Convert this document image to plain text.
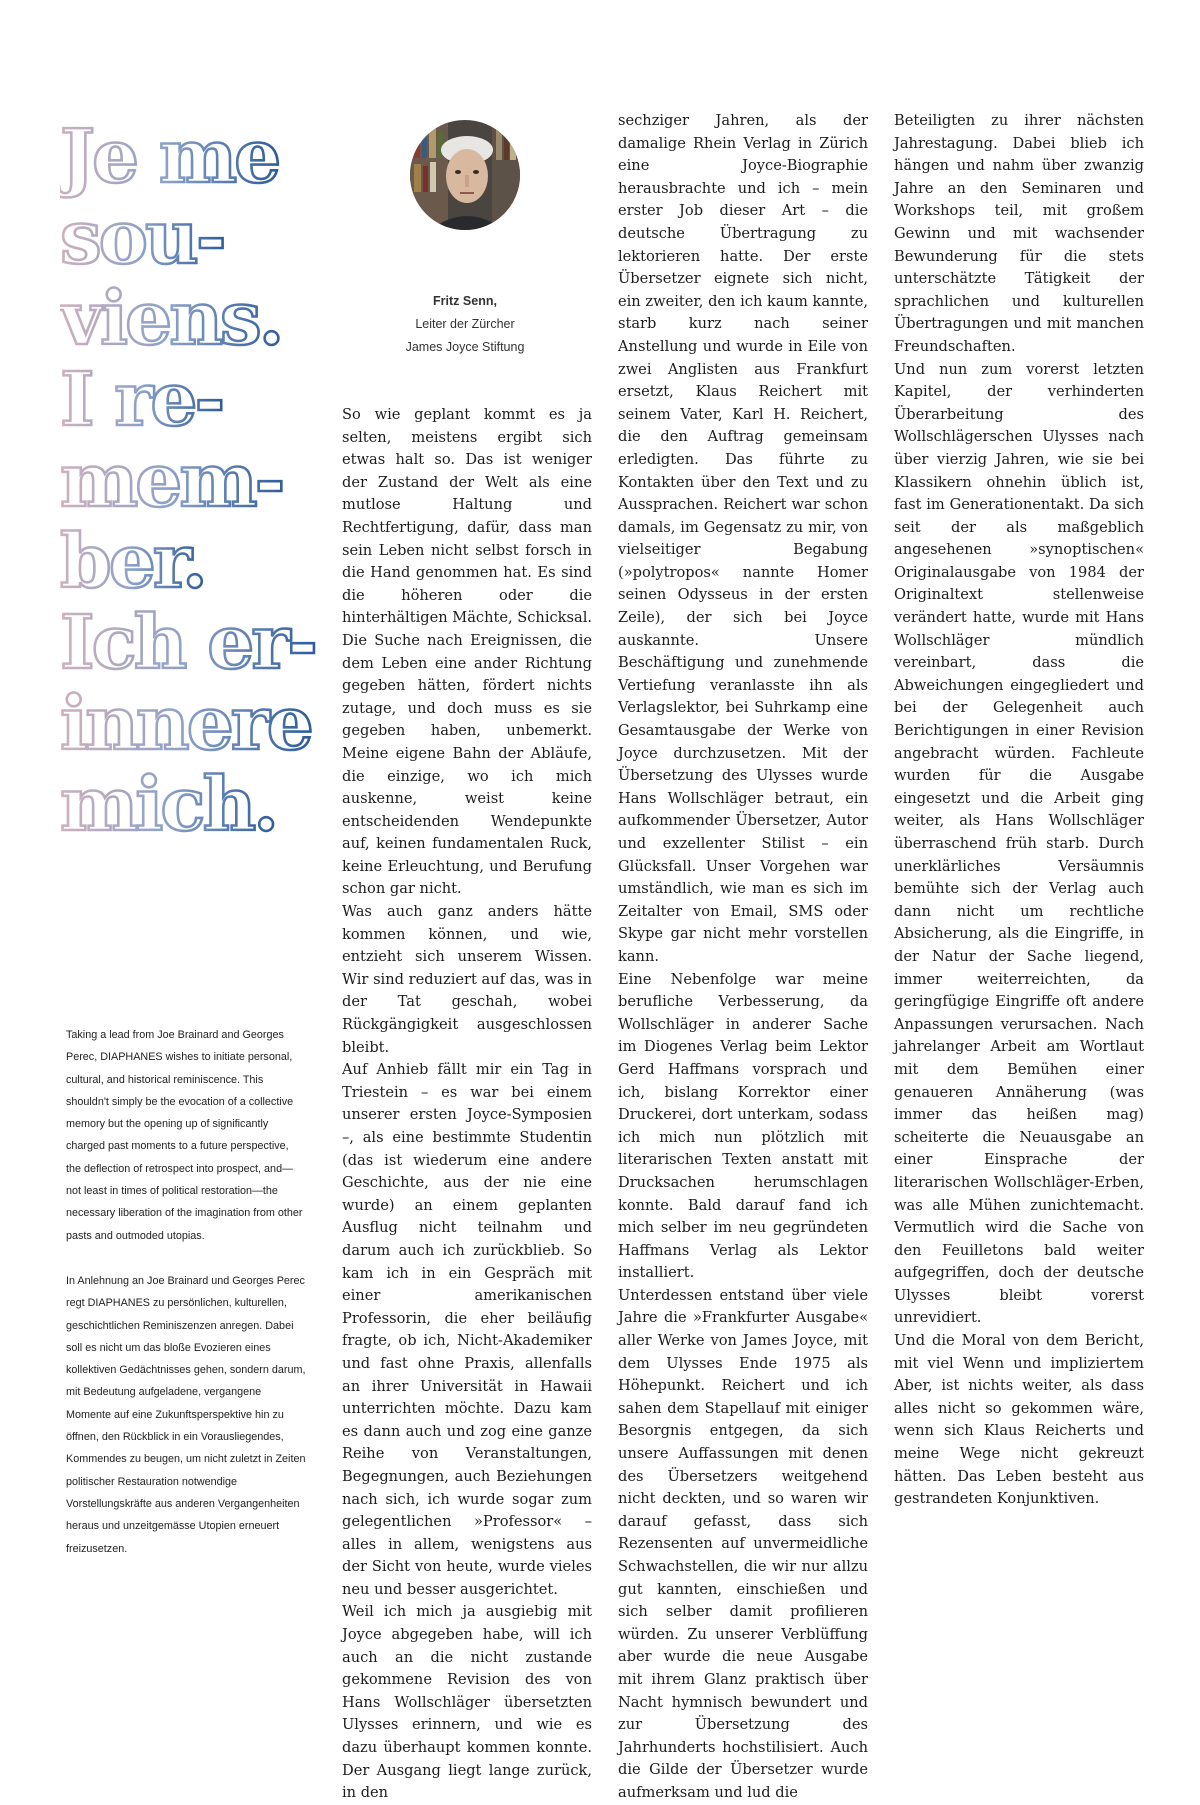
Je me
sou-
viens.
I re-
mem-
ber.
Ich er-
innere
mich.

Taking a lead from Joe Brainard and Georges Perec, DIAPHANES wishes to initiate personal, cultural, and historical reminiscence. This shouldn't simply be the evocation of a collective memory but the opening up of significantly charged past moments to a future perspective, the deflection of retrospect into prospect, and—not least in times of political restoration—the necessary liberation of the imagination from other pasts and outmoded utopias.

In Anlehnung an Joe Brainard und Georges Perec regt DIAPHANES zu persönlichen, kulturellen, geschichtlichen Reminiszenzen anregen. Dabei soll es nicht um das bloße Evozieren eines kollektiven Gedächtnisses gehen, sondern darum, mit Bedeutung aufgeladene, vergangene Momente auf eine Zukunftsperspektive hin zu öffnen, den Rückblick in ein Vorausliegendes, Kommendes zu beugen, um nicht zuletzt in Zeiten politischer Restauration notwendige Vorstellungskräfte aus anderen Vergangenheiten heraus und unzeitgemässe Utopien erneuert freizusetzen.

Fritz Senn,
Leiter der Zürcher
James Joyce Stiftung

So wie geplant kommt es ja selten, meistens ergibt sich etwas halt so. Das ist weniger der Zustand der Welt als eine mutlose Haltung und Rechtfertigung, dafür, dass man sein Leben nicht selbst forsch in die Hand genommen hat. Es sind die höheren oder die hinterhältigen Mächte, Schicksal. Die Suche nach Ereignissen, die dem Leben eine ander Richtung gegeben hätten, fördert nichts zutage, und doch muss es sie gegeben haben, unbemerkt. Meine eigene Bahn der Abläufe, die einzige, wo ich mich auskenne, weist keine entscheidenden Wendepunkte auf, keinen fundamentalen Ruck, keine Erleuchtung, und Berufung schon gar nicht.

Was auch ganz anders hätte kommen können, und wie, entzieht sich unserem Wissen. Wir sind reduziert auf das, was in der Tat geschah, wobei Rückgängigkeit ausgeschlossen bleibt.

Auf Anhieb fällt mir ein Tag in Triestein – es war bei einem unserer ersten Joyce-Symposien –, als eine bestimmte Studentin (das ist wiederum eine andere Geschichte, aus der nie eine wurde) an einem geplanten Ausflug nicht teilnahm und darum auch ich zurückblieb. So kam ich in ein Gespräch mit einer amerikanischen Professorin, die eher beiläufig fragte, ob ich, Nicht-Akademiker und fast ohne Praxis, allenfalls an ihrer Universität in Hawaii unterrichten möchte. Dazu kam es dann auch und zog eine ganze Reihe von Veranstaltungen, Begegnungen, auch Beziehungen nach sich, ich wurde sogar zum gelegentlichen »Professor« – alles in allem, wenigstens aus der Sicht von heute, wurde vieles neu und besser ausgerichtet.

Weil ich mich ja ausgiebig mit Joyce abgegeben habe, will ich auch an die nicht zustande gekommene Revision des von Hans Wollschläger übersetzten Ulysses erinnern, und wie es dazu überhaupt kommen konnte. Der Ausgang liegt lange zurück, in den

sechziger Jahren, als der damalige Rhein Verlag in Zürich eine Joyce-Biographie herausbrachte und ich – mein erster Job dieser Art – die deutsche Übertragung zu lektorieren hatte. Der erste Übersetzer eignete sich nicht, ein zweiter, den ich kaum kannte, starb kurz nach seiner Anstellung und wurde in Eile von zwei Anglisten aus Frankfurt ersetzt, Klaus Reichert mit seinem Vater, Karl H. Reichert, die den Auftrag gemeinsam erledigten. Das führte zu Kontakten über den Text und zu Aussprachen. Reichert war schon damals, im Gegensatz zu mir, von vielseitiger Begabung (»polytropos« nannte Homer seinen Odysseus in der ersten Zeile), der sich bei Joyce auskannte. Unsere Beschäftigung und zunehmende Vertiefung veranlasste ihn als Verlagslektor, bei Suhrkamp eine Gesamtausgabe der Werke von Joyce durchzusetzen. Mit der Übersetzung des Ulysses wurde Hans Wollschläger betraut, ein aufkommender Übersetzer, Autor und exzellenter Stilist – ein Glücksfall. Unser Vorgehen war umständlich, wie man es sich im Zeitalter von Email, SMS oder Skype gar nicht mehr vorstellen kann.

Eine Nebenfolge war meine berufliche Verbesserung, da Wollschläger in anderer Sache im Diogenes Verlag beim Lektor Gerd Haffmans vorsprach und ich, bislang Korrektor einer Druckerei, dort unterkam, sodass ich mich nun plötzlich mit literarischen Texten anstatt mit Drucksachen herumschlagen konnte. Bald darauf fand ich mich selber im neu gegründeten Haffmans Verlag als Lektor installiert.

Unterdessen entstand über viele Jahre die »Frankfurter Ausgabe« aller Werke von James Joyce, mit dem Ulysses Ende 1975 als Höhepunkt. Reichert und ich sahen dem Stapellauf mit einiger Besorgnis entgegen, da sich unsere Auffassungen mit denen des Übersetzers weitgehend nicht deckten, und so waren wir darauf gefasst, dass sich Rezensenten auf unvermeidliche Schwachstellen, die wir nur allzu gut kannten, einschießen und sich selber damit profilieren würden. Zu unserer Verblüffung aber wurde die neue Ausgabe mit ihrem Glanz praktisch über Nacht hymnisch bewundert und zur Übersetzung des Jahrhunderts hochstilisiert. Auch die Gilde der Übersetzer wurde aufmerksam und lud die

Beteiligten zu ihrer nächsten Jahrestagung. Dabei blieb ich hängen und nahm über zwanzig Jahre an den Seminaren und Workshops teil, mit großem Gewinn und mit wachsender Bewunderung für die stets unterschätzte Tätigkeit der sprachlichen und kulturellen Übertragungen und mit manchen Freundschaften.

Und nun zum vorerst letzten Kapitel, der verhinderten Überarbeitung des Wollschlägerschen Ulysses nach über vierzig Jahren, wie sie bei Klassikern ohnehin üblich ist, fast im Generationentakt. Da sich seit der als maßgeblich angesehenen »synoptischen« Originalausgabe von 1984 der Originaltext stellenweise verändert hatte, wurde mit Hans Wollschläger mündlich vereinbart, dass die Abweichungen eingegliedert und bei der Gelegenheit auch Berichtigungen in einer Revision angebracht würden. Fachleute wurden für die Ausgabe eingesetzt und die Arbeit ging weiter, als Hans Wollschläger überraschend früh starb. Durch unerklärliches Versäumnis bemühte sich der Verlag auch dann nicht um rechtliche Absicherung, als die Eingriffe, in der Natur der Sache liegend, immer weiterreichten, da geringfügige Eingriffe oft andere Anpassungen verursachen. Nach jahrelanger Arbeit am Wortlaut mit dem Bemühen einer genaueren Annäherung (was immer das heißen mag) scheiterte die Neuausgabe an einer Einsprache der literarischen Wollschläger-Erben, was alle Mühen zunichtemacht. Vermutlich wird die Sache von den Feuilletons bald weiter aufgegriffen, doch der deutsche Ulysses bleibt vorerst unrevidiert.

Und die Moral von dem Bericht, mit viel Wenn und impliziertem Aber, ist nichts weiter, als dass alles nicht so gekommen wäre, wenn sich Klaus Reicherts und meine Wege nicht gekreuzt hätten. Das Leben besteht aus gestrandeten Konjunktiven.
